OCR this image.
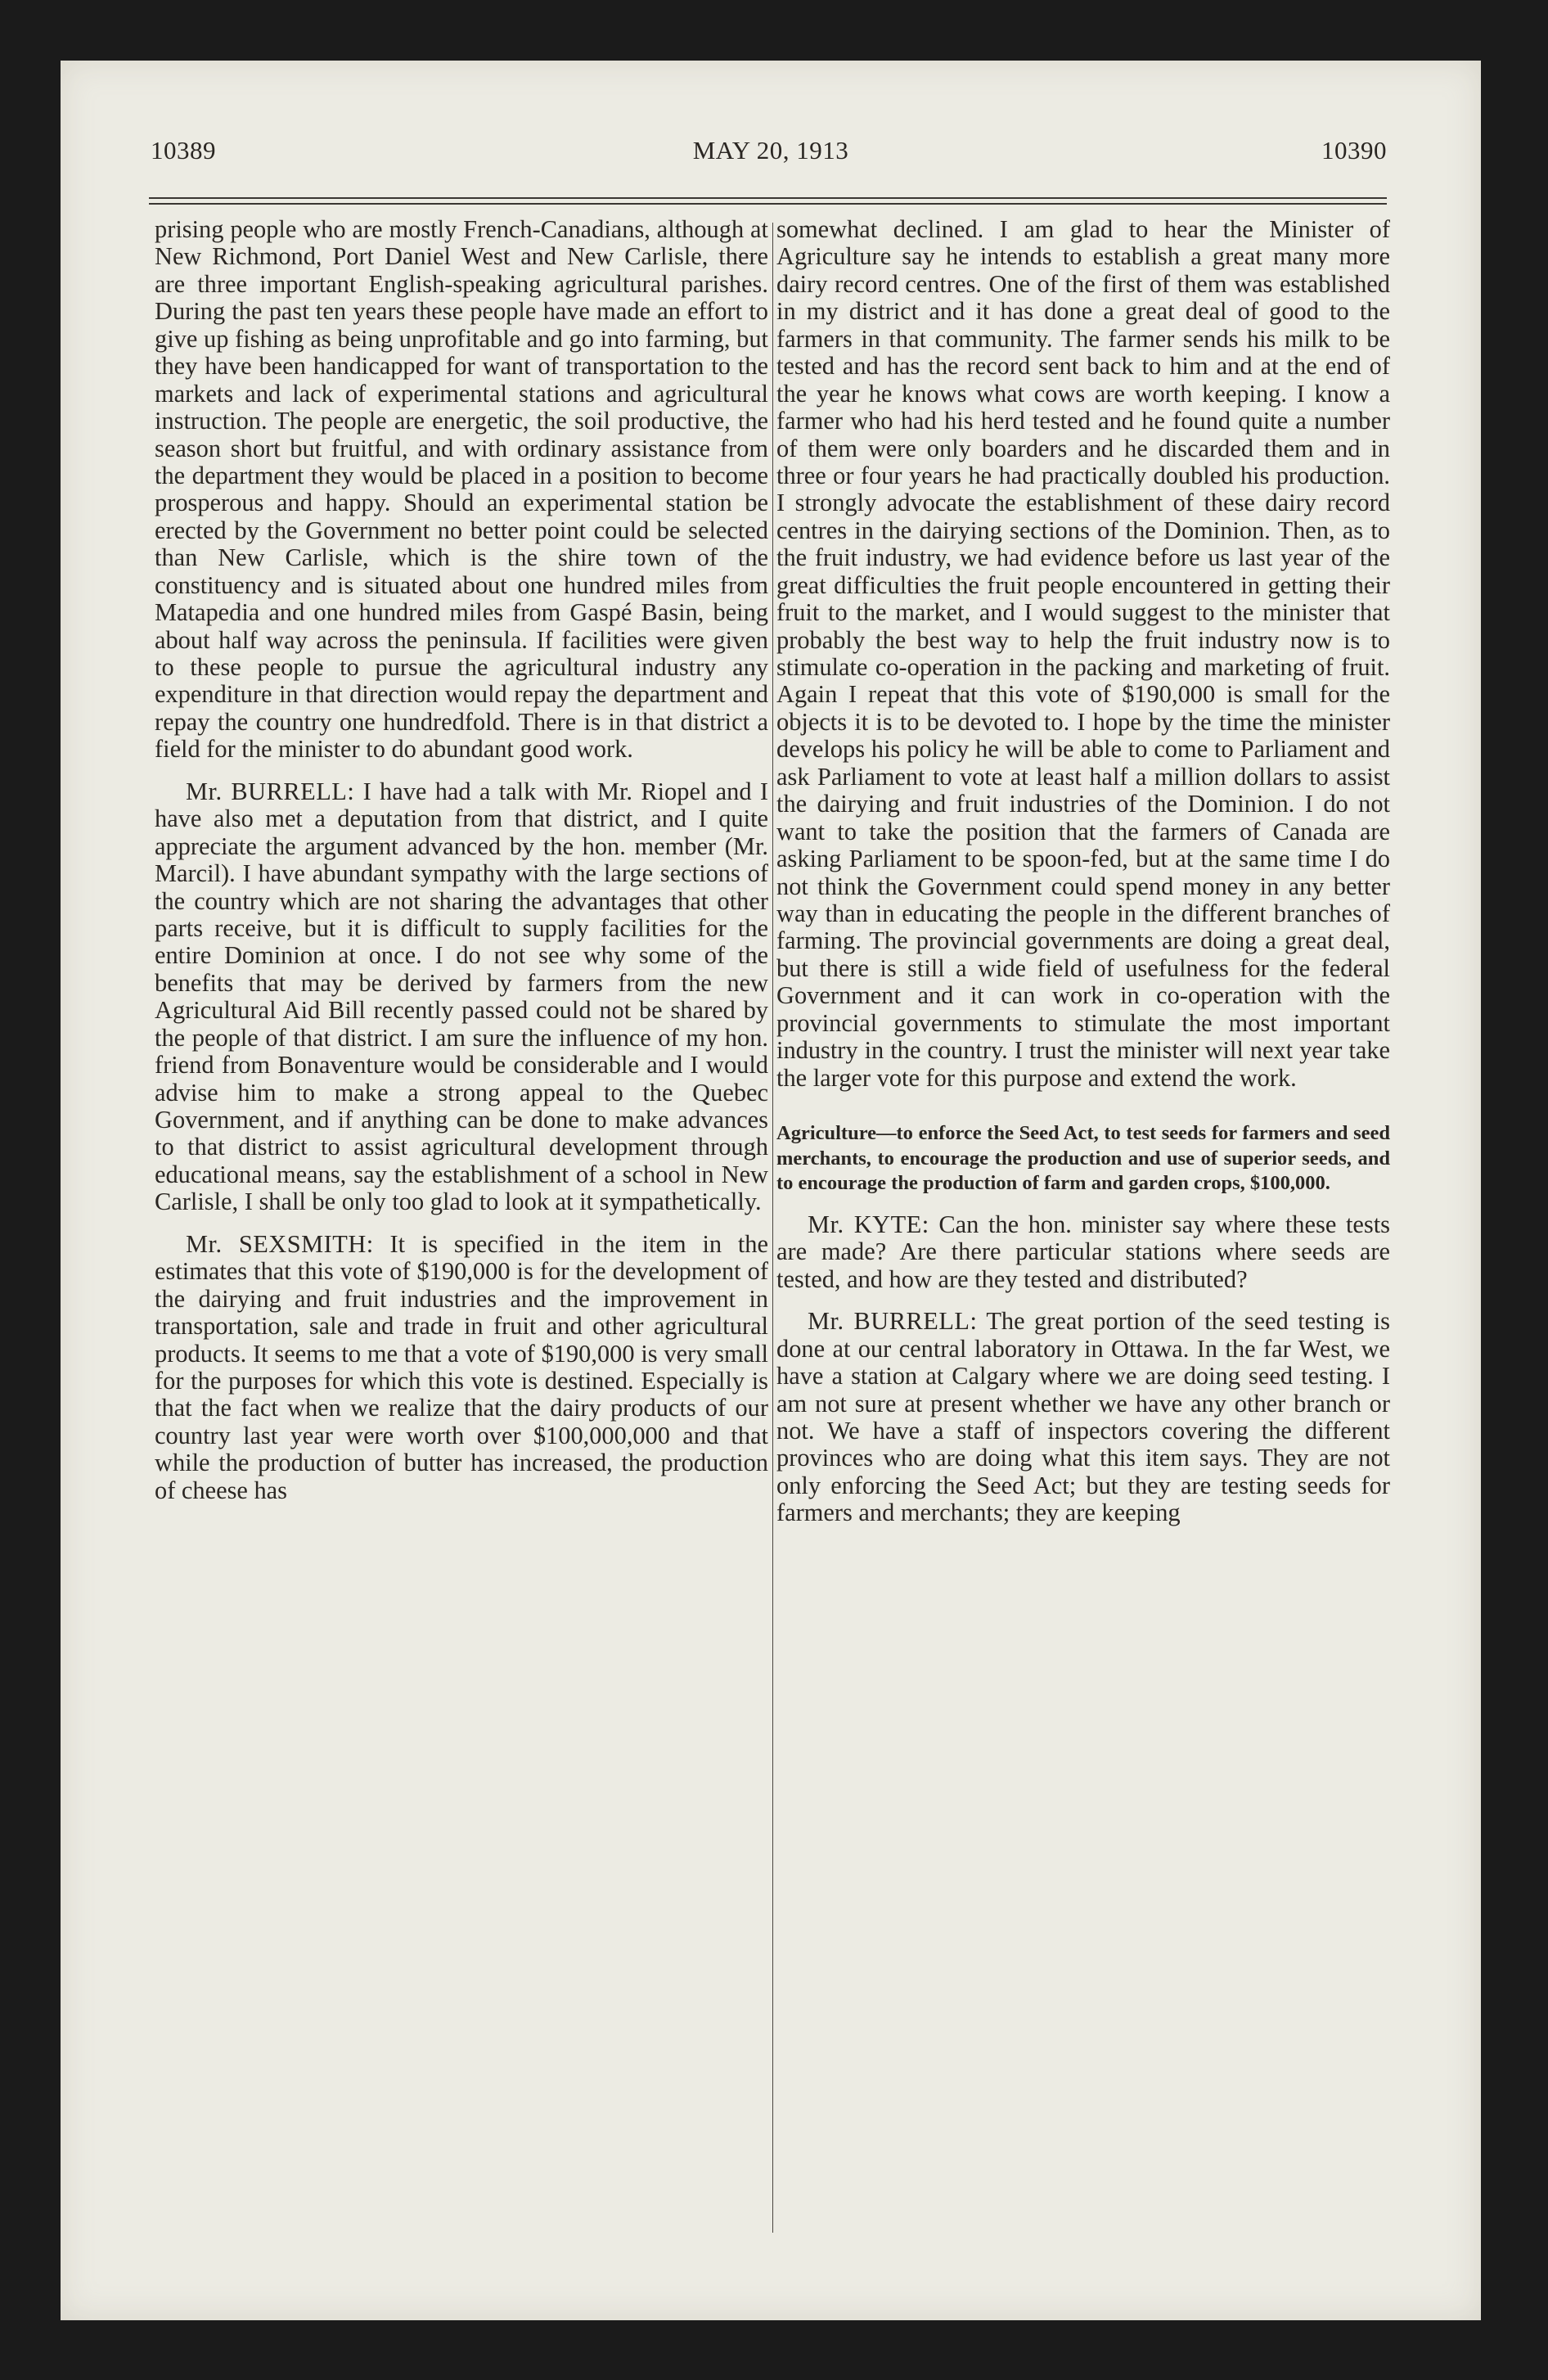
10389	MAY 20, 1913	10390

prising people who are mostly French-Canadians, although at New Richmond, Port Daniel West and New Carlisle, there are three important English-speaking agricultural parishes. During the past ten years these people have made an effort to give up fishing as being unprofitable and go into farming, but they have been handicapped for want of transportation to the markets and lack of experimental stations and agricultural instruction. The people are energetic, the soil productive, the season short but fruitful, and with ordinary assistance from the department they would be placed in a position to become prosperous and happy. Should an experimental station be erected by the Government no better point could be selected than New Carlisle, which is the shire town of the constituency and is situated about one hundred miles from Matapedia and one hundred miles from Gaspé Basin, being about half way across the peninsula. If facilities were given to these people to pursue the agricultural industry any expenditure in that direction would repay the department and repay the country one hundredfold. There is in that district a field for the minister to do abundant good work.

Mr. BURRELL: I have had a talk with Mr. Riopel and I have also met a deputation from that district, and I quite appreciate the argument advanced by the hon. member (Mr. Marcil). I have abundant sympathy with the large sections of the country which are not sharing the advantages that other parts receive, but it is difficult to supply facilities for the entire Dominion at once. I do not see why some of the benefits that may be derived by farmers from the new Agricultural Aid Bill recently passed could not be shared by the people of that district. I am sure the influence of my hon. friend from Bonaventure would be considerable and I would advise him to make a strong appeal to the Quebec Government, and if anything can be done to make advances to that district to assist agricultural development through educational means, say the establishment of a school in New Carlisle, I shall be only too glad to look at it sympathetically.

Mr. SEXSMITH: It is specified in the item in the estimates that this vote of $190,000 is for the development of the dairying and fruit industries and the improvement in transportation, sale and trade in fruit and other agricultural products. It seems to me that a vote of $190,000 is very small for the purposes for which this vote is destined. Especially is that the fact when we realize that the dairy products of our country last year were worth over $100,000,000 and that while the production of butter has increased, the production of cheese has

somewhat declined. I am glad to hear the Minister of Agriculture say he intends to establish a great many more dairy record centres. One of the first of them was established in my district and it has done a great deal of good to the farmers in that community. The farmer sends his milk to be tested and has the record sent back to him and at the end of the year he knows what cows are worth keeping. I know a farmer who had his herd tested and he found quite a number of them were only boarders and he discarded them and in three or four years he had practically doubled his production. I strongly advocate the establishment of these dairy record centres in the dairying sections of the Dominion. Then, as to the fruit industry, we had evidence before us last year of the great difficulties the fruit people encountered in getting their fruit to the market, and I would suggest to the minister that probably the best way to help the fruit industry now is to stimulate co-operation in the packing and marketing of fruit. Again I repeat that this vote of $190,000 is small for the objects it is to be devoted to. I hope by the time the minister develops his policy he will be able to come to Parliament and ask Parliament to vote at least half a million dollars to assist the dairying and fruit industries of the Dominion. I do not want to take the position that the farmers of Canada are asking Parliament to be spoon-fed, but at the same time I do not think the Government could spend money in any better way than in educating the people in the different branches of farming. The provincial governments are doing a great deal, but there is still a wide field of usefulness for the federal Government and it can work in co-operation with the provincial governments to stimulate the most important industry in the country. I trust the minister will next year take the larger vote for this purpose and extend the work.

Agriculture—to enforce the Seed Act, to test seeds for farmers and seed merchants, to encourage the production and use of superior seeds, and to encourage the production of farm and garden crops, $100,000.

Mr. KYTE: Can the hon. minister say where these tests are made? Are there particular stations where seeds are tested, and how are they tested and distributed?

Mr. BURRELL: The great portion of the seed testing is done at our central laboratory in Ottawa. In the far West, we have a station at Calgary where we are doing seed testing. I am not sure at present whether we have any other branch or not. We have a staff of inspectors covering the different provinces who are doing what this item says. They are not only enforcing the Seed Act; but they are testing seeds for farmers and merchants; they are keeping
